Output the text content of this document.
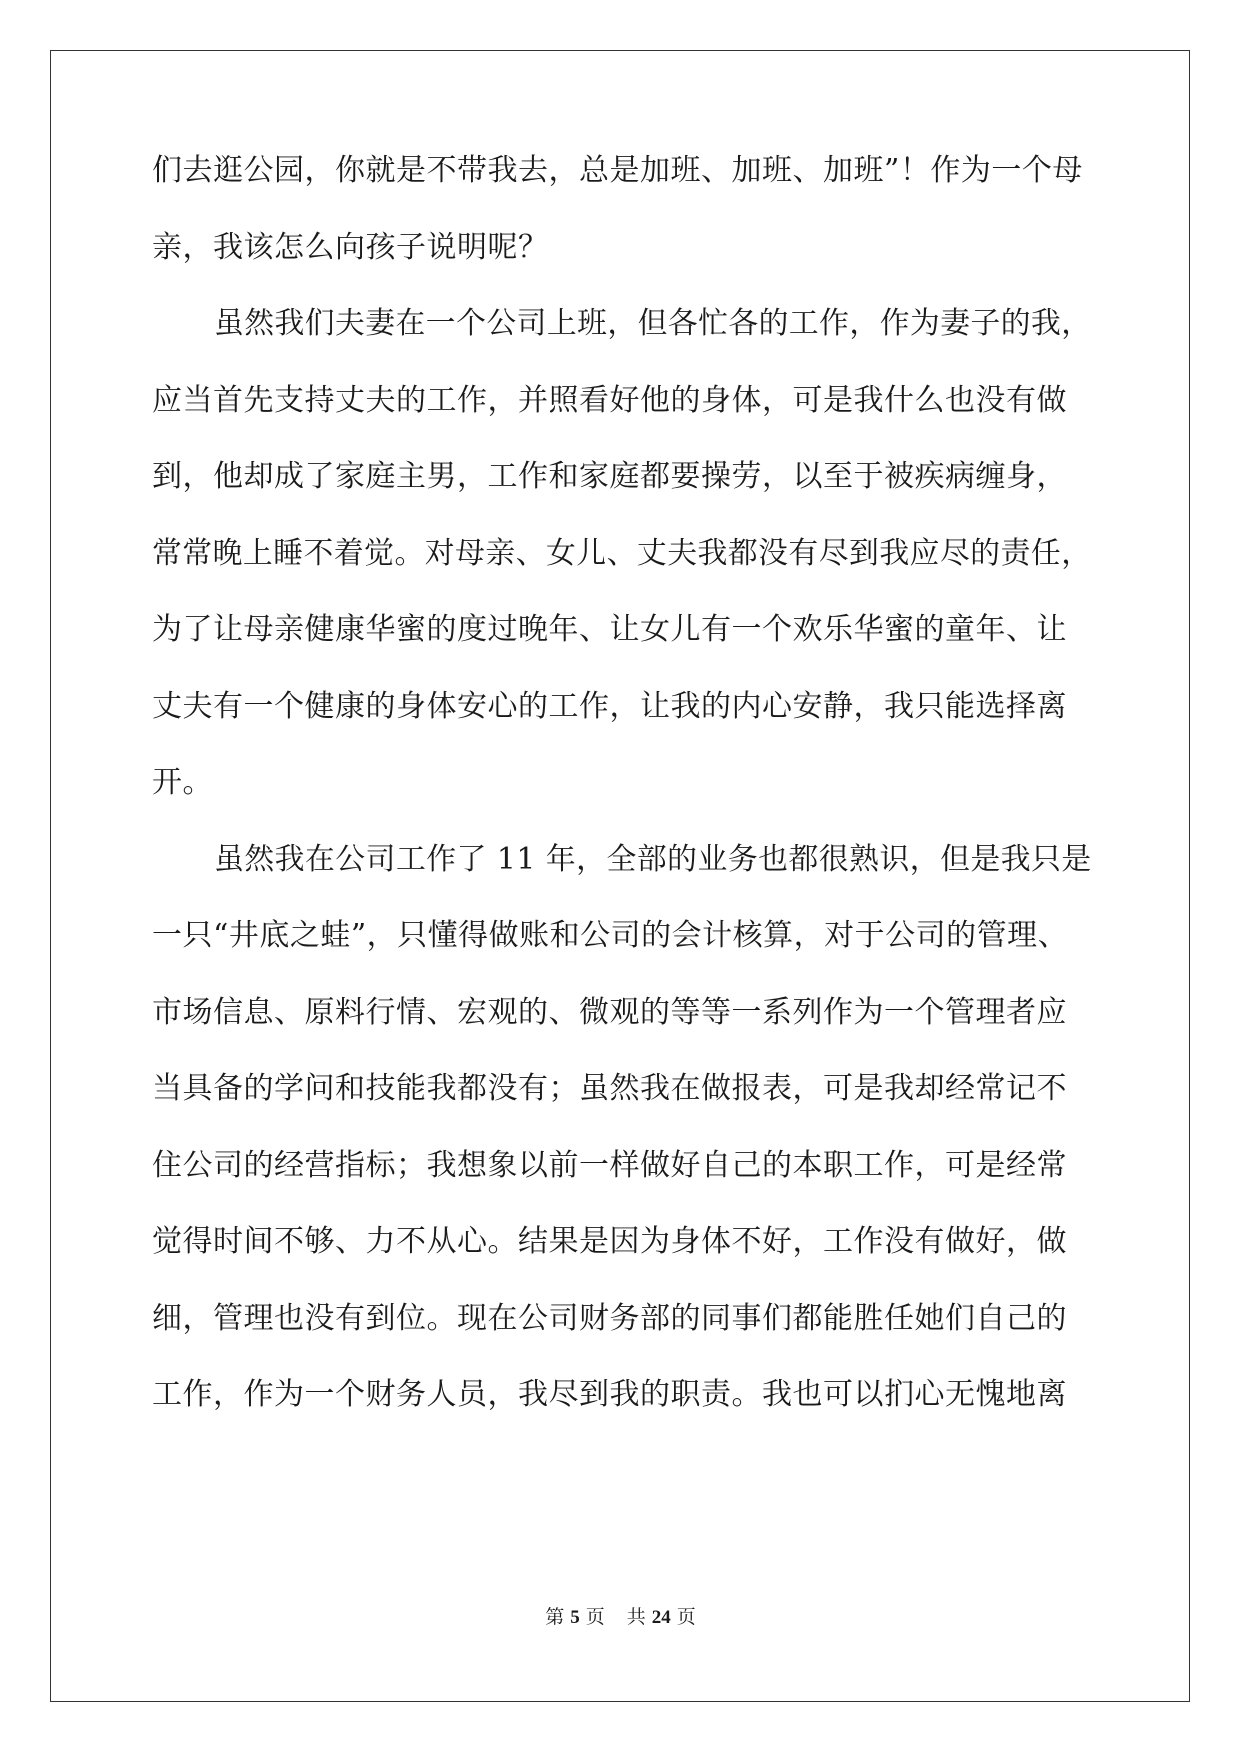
们去逛公园，你就是不带我去，总是加班、加班、加班”！作为一个母
亲，我该怎么向孩子说明呢？
虽然我们夫妻在一个公司上班，但各忙各的工作，作为妻子的我，
应当首先支持丈夫的工作，并照看好他的身体，可是我什么也没有做
到，他却成了家庭主男，工作和家庭都要操劳，以至于被疾病缠身，
常常晚上睡不着觉。对母亲、女儿、丈夫我都没有尽到我应尽的责任，
为了让母亲健康华蜜的度过晚年、让女儿有一个欢乐华蜜的童年、让
丈夫有一个健康的身体安心的工作，让我的内心安静，我只能选择离
开。
虽然我在公司工作了 11 年，全部的业务也都很熟识，但是我只是
一只“井底之蛙”，只懂得做账和公司的会计核算，对于公司的管理、
市场信息、原料行情、宏观的、微观的等等一系列作为一个管理者应
当具备的学问和技能我都没有；虽然我在做报表，可是我却经常记不
住公司的经营指标；我想象以前一样做好自己的本职工作，可是经常
觉得时间不够、力不从心。结果是因为身体不好，工作没有做好，做
细，管理也没有到位。现在公司财务部的同事们都能胜任她们自己的
工作，作为一个财务人员，我尽到我的职责。我也可以扪心无愧地离
第 5 页 共 24 页
